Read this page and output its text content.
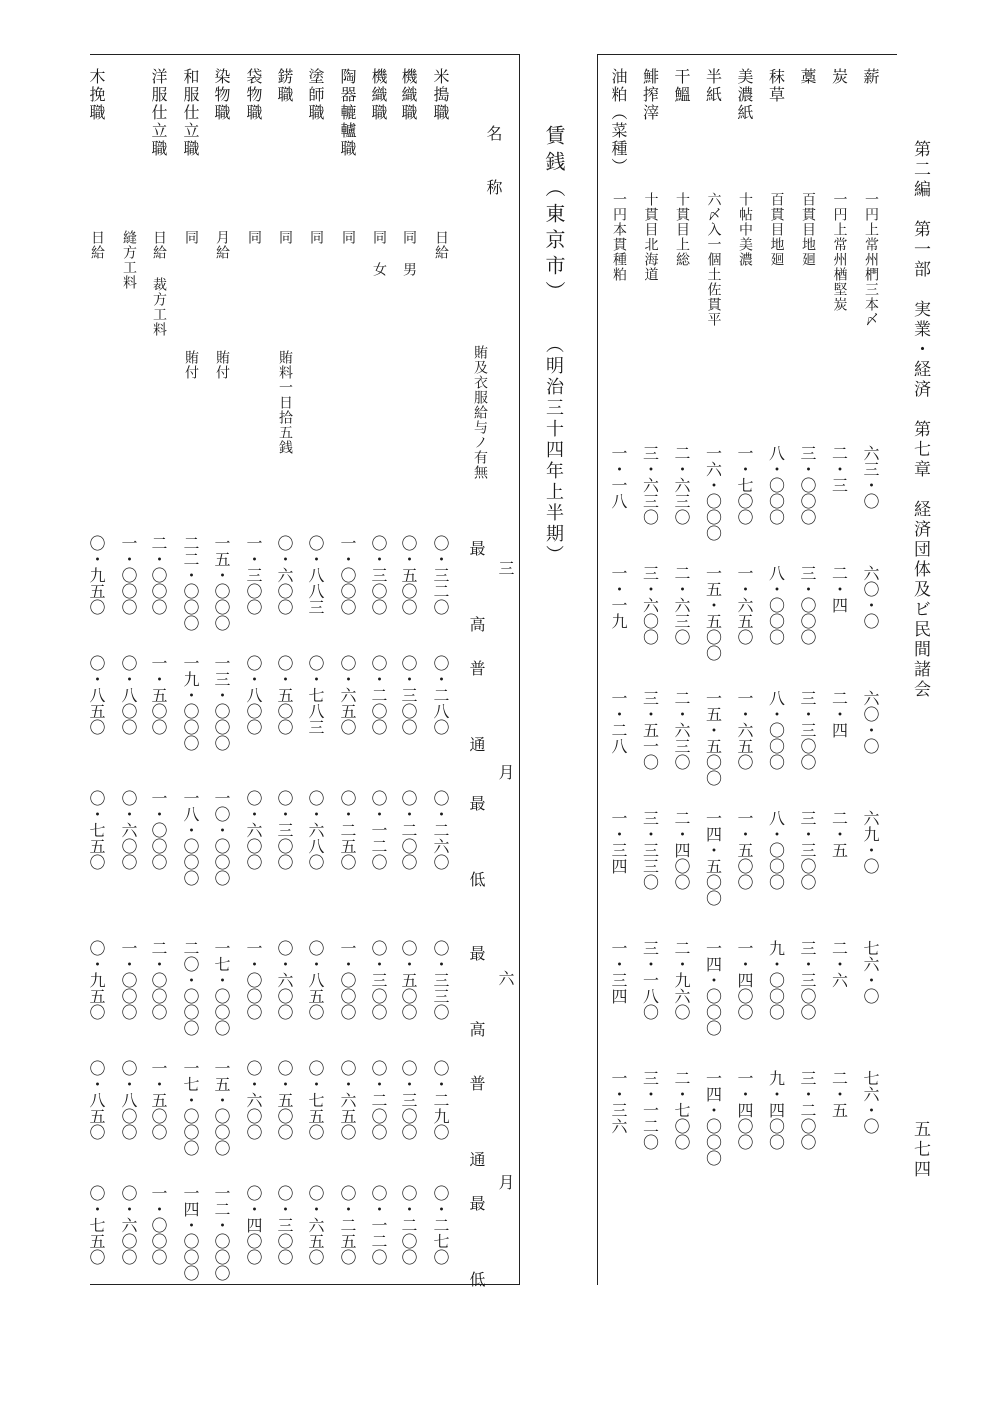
第二編　第一部　実業・経済　第七章　経済団体及ビ民間諸会
五七四
賃銭（東京市）
（明治三十四年上半期）
名　　称
賄及衣服給与ノ有無
三　　　　　月
六　　　　　月
最　高
普　通
最　低
最　高
普　通
最　低
薪
一円上常州椚三本〆
六三・〇
六〇・〇
六〇・〇
六九・〇
七六・〇
七六・〇
炭
一円上常州楢堅炭
二・三
二・四
二・四
二・五
二・六
二・五
藁
百貫目地廻
三・〇〇〇
三・〇〇〇
三・三〇〇
三・三〇〇
三・三〇〇
三・二〇〇
秣草
百貫目地廻
八・〇〇〇
八・〇〇〇
八・〇〇〇
八・〇〇〇
九・〇〇〇
九・四〇〇
美濃紙
十帖中美濃
一・七〇〇
一・六五〇
一・六五〇
一・五〇〇
一・四〇〇
一・四〇〇
半紙
六〆入一個土佐貫平
一六・〇〇〇
一五・五〇〇
一五・五〇〇
一四・五〇〇
一四・〇〇〇
一四・〇〇〇
干鰮
十貫目上総
二・六三〇
二・六三〇
二・六三〇
二・四〇〇
二・九六〇
二・七〇〇
鯡搾滓
十貫目北海道
三・六三〇
三・六〇〇
三・五一〇
三・三三〇
三・一八〇
三・一二〇
油粕（菜種）
一円本貫種粕
一・一八
一・一九
一・二八
一・三四
一・三四
一・三六
米搗職
日給
〇・三二〇
〇・二八〇
〇・二六〇
〇・三三〇
〇・二九〇
〇・二七〇
機織職
同 男
〇・五〇〇
〇・三〇〇
〇・二〇〇
〇・五〇〇
〇・三〇〇
〇・二〇〇
機織職
同 女
〇・三〇〇
〇・二〇〇
〇・一二〇
〇・三〇〇
〇・二〇〇
〇・一二〇
陶器轆轤職
同
一・〇〇〇
〇・六五〇
〇・二五〇
一・〇〇〇
〇・六五〇
〇・二五〇
塗師職
同
〇・八八三
〇・七八三
〇・六八〇
〇・八五〇
〇・七五〇
〇・六五〇
錺職
同
賄料一日拾五銭
〇・六〇〇
〇・五〇〇
〇・三〇〇
〇・六〇〇
〇・五〇〇
〇・三〇〇
袋物職
同
一・三〇〇
〇・八〇〇
〇・六〇〇
一・〇〇〇
〇・六〇〇
〇・四〇〇
染物職
月給
賄付
一五・〇〇〇
一三・〇〇〇
一〇・〇〇〇
一七・〇〇〇
一五・〇〇〇
一二・〇〇〇
和服仕立職
同
賄付
二二・〇〇〇
一九・〇〇〇
一八・〇〇〇
二〇・〇〇〇
一七・〇〇〇
一四・〇〇〇
洋服仕立職
日給 裁方工料
二・〇〇〇
一・五〇〇
一・〇〇〇
二・〇〇〇
一・五〇〇
一・〇〇〇
縫方工料
一・〇〇〇
〇・八〇〇
〇・六〇〇
一・〇〇〇
〇・八〇〇
〇・六〇〇
木挽職
日給
〇・九五〇
〇・八五〇
〇・七五〇
〇・九五〇
〇・八五〇
〇・七五〇
